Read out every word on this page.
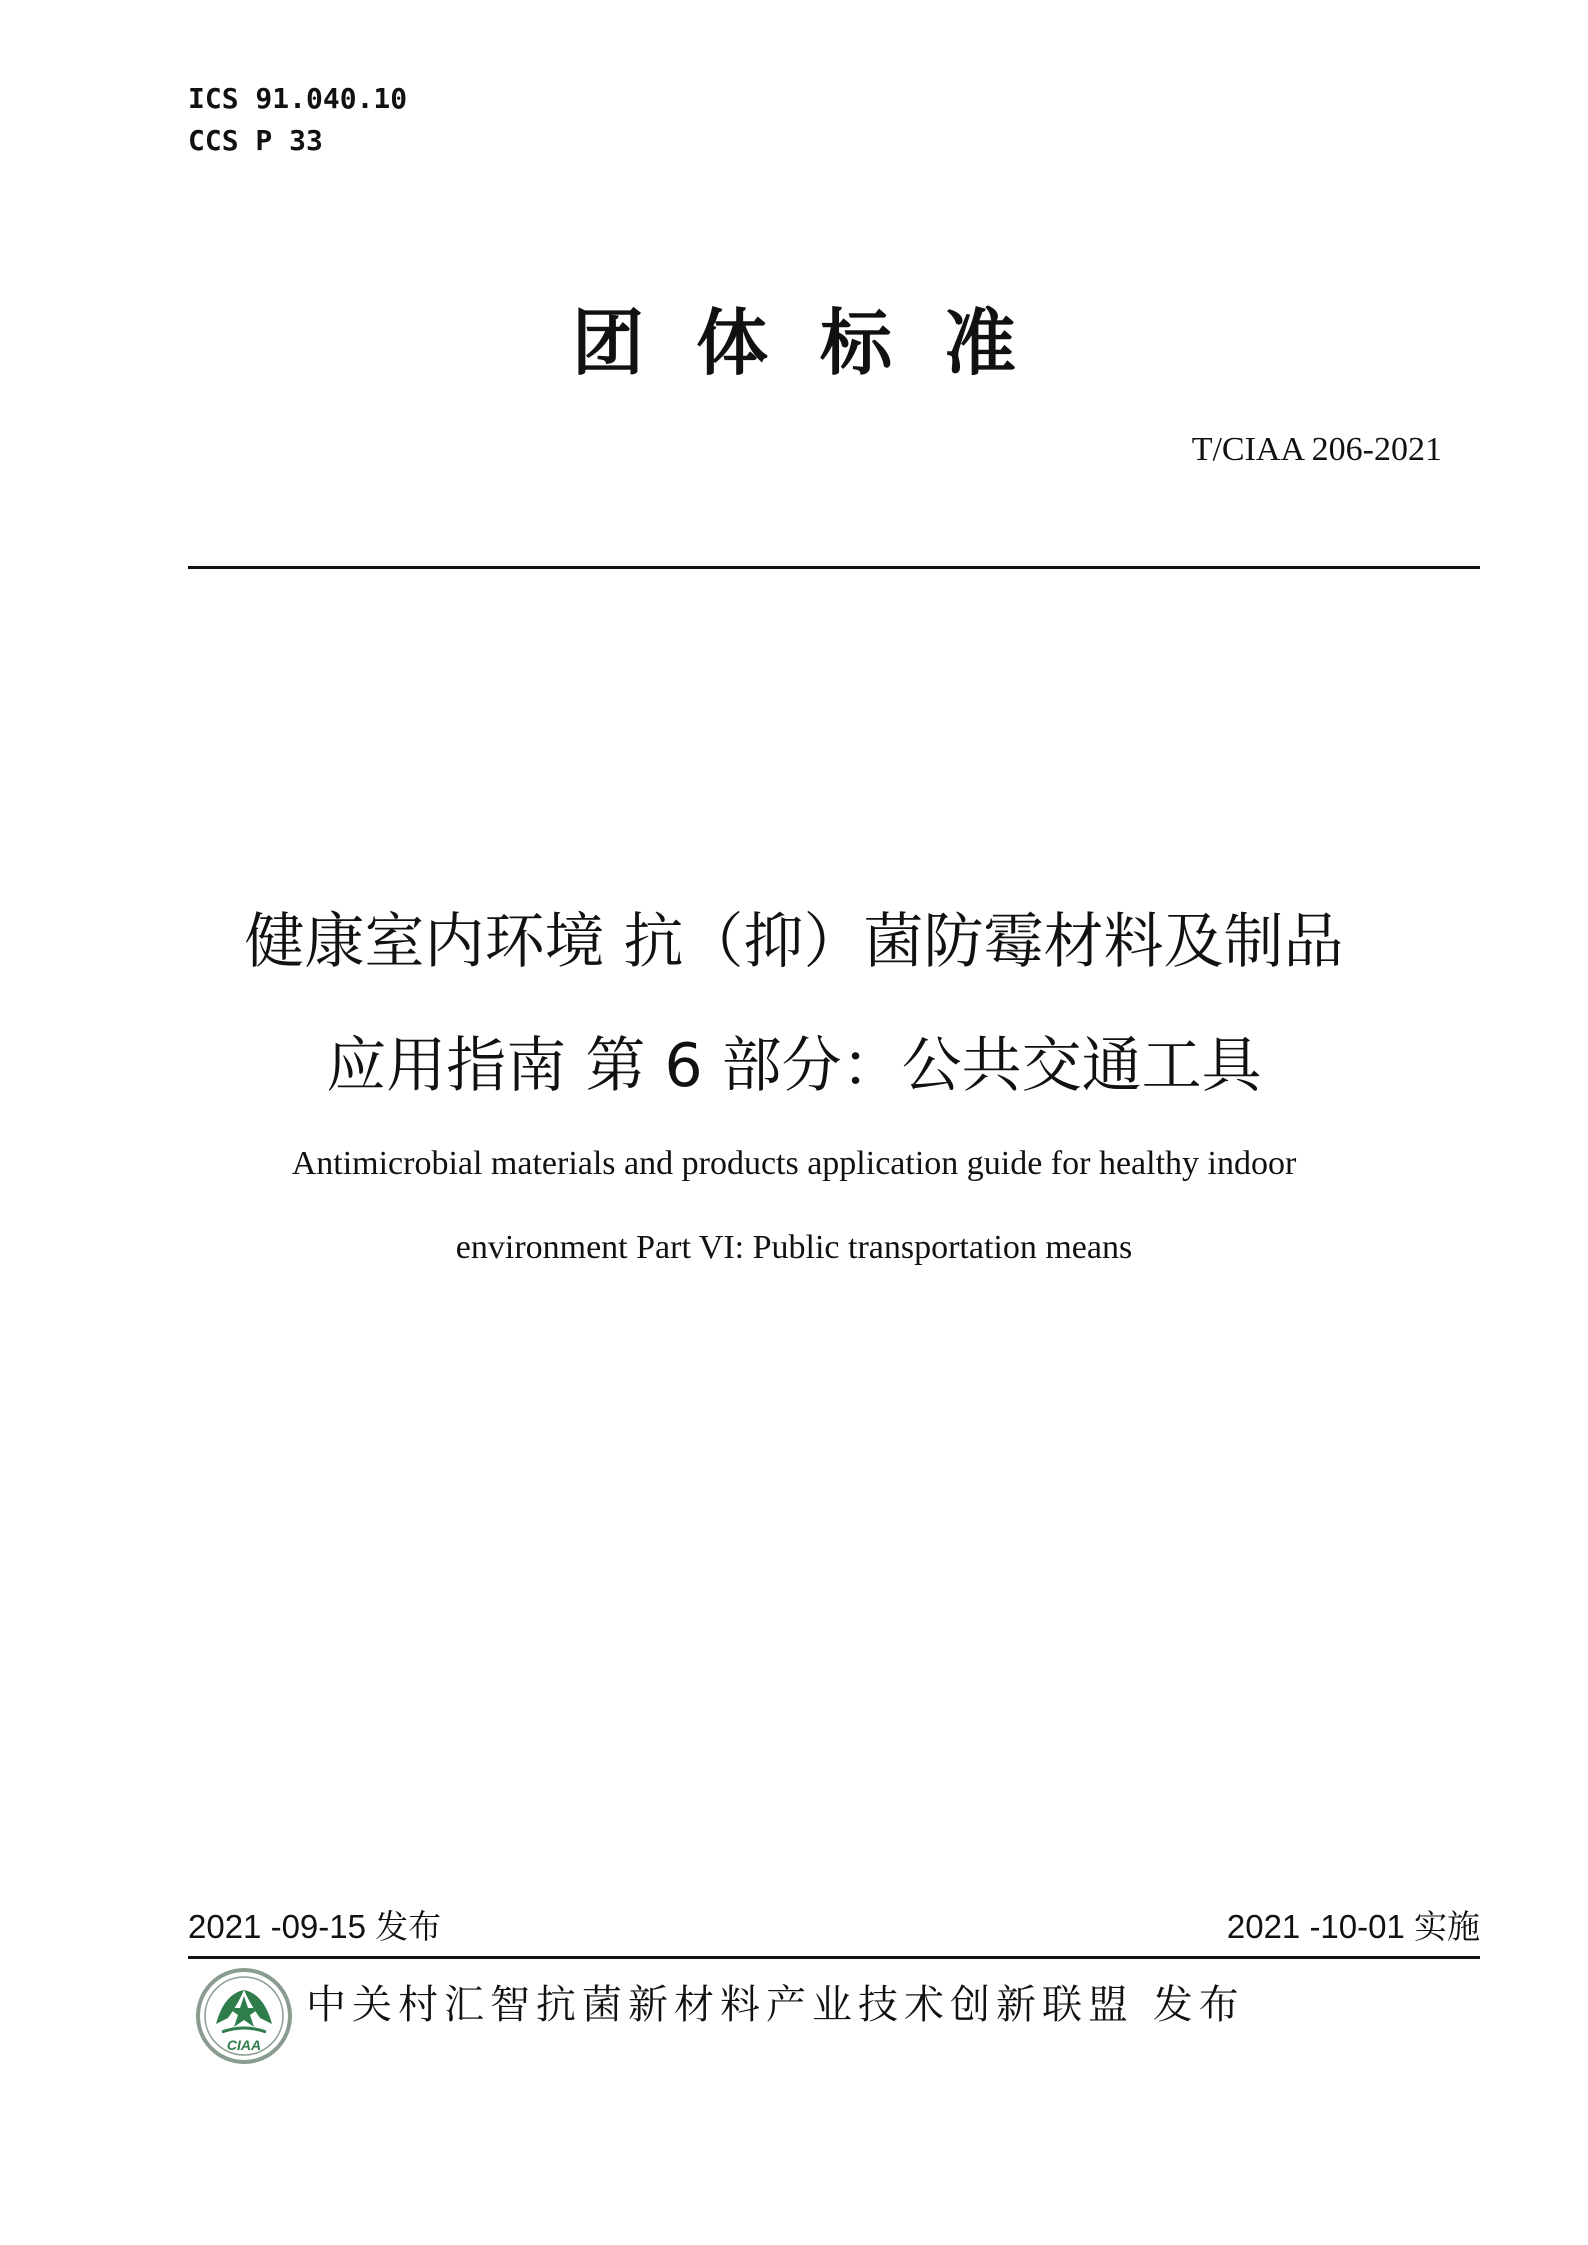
ICS 91.040.10
CCS P 33
团体标准
T/CIAA 206-2021
健康室内环境 抗（抑）菌防霉材料及制品
应用指南 第 6 部分：公共交通工具
Antimicrobial materials and products application guide for healthy indoor
environment Part VI: Public transportation means
2021 -09-15 发布	2021 -10-01 实施
CIAA
中关村汇智抗菌新材料产业技术创新联盟 发布
